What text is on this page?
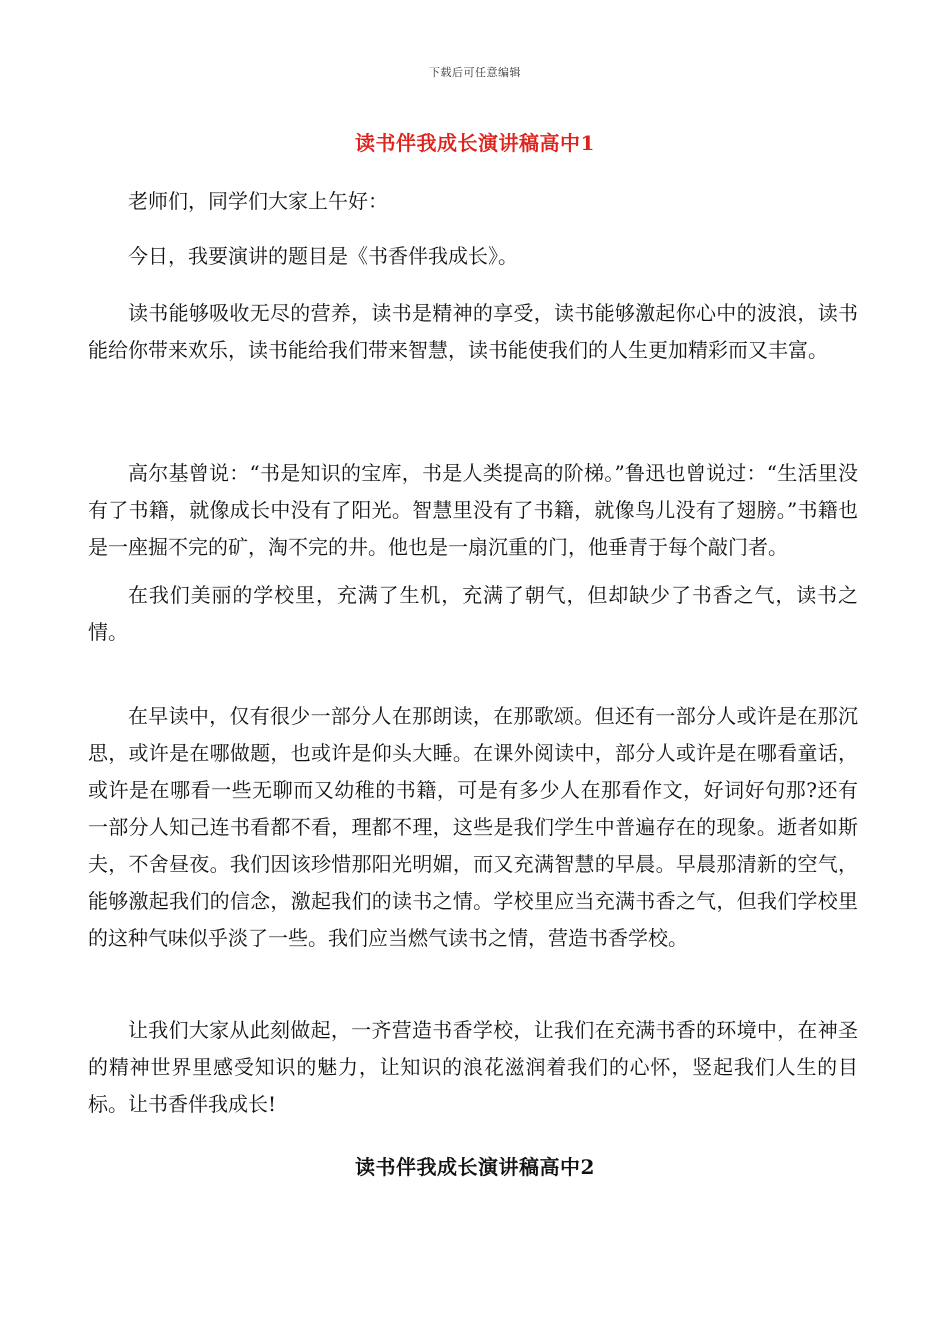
下载后可任意编辑
读书伴我成长演讲稿高中1
老师们，同学们大家上午好：
今日，我要演讲的题目是《书香伴我成长》。
读书能够吸收无尽的营养，读书是精神的享受，读书能够激起你心中的波浪，读书能给你带来欢乐，读书能给我们带来智慧，读书能使我们的人生更加精彩而又丰富。
高尔基曾说：“书是知识的宝库，书是人类提高的阶梯。”鲁迅也曾说过：“生活里没有了书籍，就像成长中没有了阳光。智慧里没有了书籍，就像鸟儿没有了翅膀。”书籍也是一座掘不完的矿，淘不完的井。他也是一扇沉重的门，他垂青于每个敲门者。
在我们美丽的学校里，充满了生机，充满了朝气，但却缺少了书香之气，读书之情。
在早读中，仅有很少一部分人在那朗读，在那歌颂。但还有一部分人或许是在那沉思，或许是在哪做题，也或许是仰头大睡。在课外阅读中，部分人或许是在哪看童话，或许是在哪看一些无聊而又幼稚的书籍，可是有多少人在那看作文，好词好句那?还有一部分人知己连书看都不看，理都不理，这些是我们学生中普遍存在的现象。逝者如斯夫，不舍昼夜。我们因该珍惜那阳光明媚，而又充满智慧的早晨。早晨那清新的空气，能够激起我们的信念，激起我们的读书之情。学校里应当充满书香之气，但我们学校里的这种气味似乎淡了一些。我们应当燃气读书之情，营造书香学校。
让我们大家从此刻做起，一齐营造书香学校，让我们在充满书香的环境中，在神圣的精神世界里感受知识的魅力，让知识的浪花滋润着我们的心怀，竖起我们人生的目标。让书香伴我成长!
读书伴我成长演讲稿高中2
